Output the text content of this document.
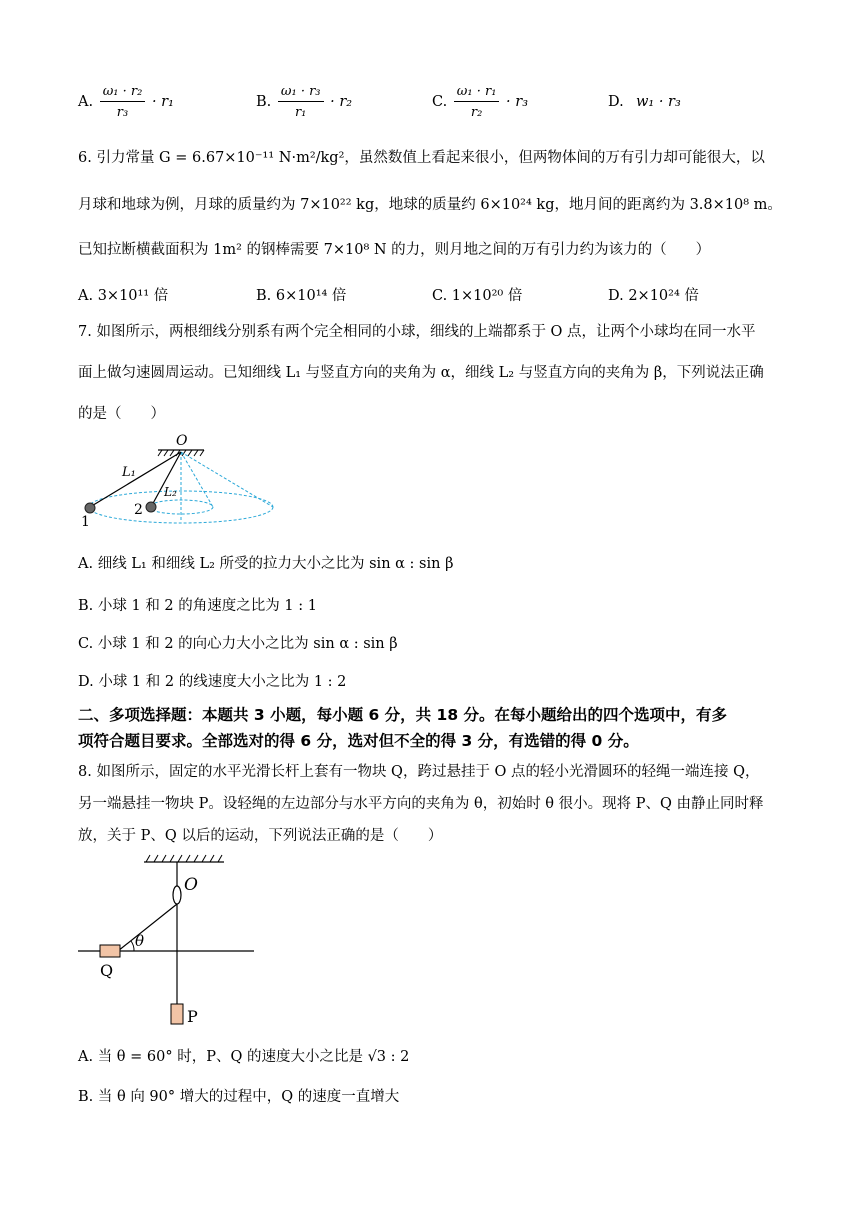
A. $\frac{\text{ω₁ · r₂}}{\text{r₃}} \cdot r_1$	B. $\frac{\text{ω₁ · r₃}}{\text{r₁}} \cdot r_2$	C. $\frac{\text{ω₁ · r₁}}{\text{r₂}} \cdot r_3$	D. w₁ · r₃
6. 引力常量 G = 6.67×10⁻¹¹ N·m²/kg²，虽然数值上看起来很小，但两物体间的万有引力却可能很大，以
月球和地球为例，月球的质量约为 7×10²² kg，地球的质量约 6×10²⁴ kg，地月间的距离约为 3.8×10⁸ m。
已知拉断横截面积为 1m² 的钢棒需要 7×10⁸ N 的力，则月地之间的万有引力约为该力的（　　）
A. 3×10¹¹ 倍	B. 6×10¹⁴ 倍	C. 1×10²⁰ 倍	D. 2×10²⁴ 倍
7. 如图所示，两根细线分别系有两个完全相同的小球，细线的上端都系于 O 点，让两个小球均在同一水平
面上做匀速圆周运动。已知细线 L₁ 与竖直方向的夹角为 α，细线 L₂ 与竖直方向的夹角为 β，下列说法正确
的是（　　）
O
L₁
L₂
1
2
A. 细线 L₁ 和细线 L₂ 所受的拉力大小之比为 sin α : sin β
B. 小球 1 和 2 的角速度之比为 1 : 1
C. 小球 1 和 2 的向心力大小之比为 sin α : sin β
D. 小球 1 和 2 的线速度大小之比为 1 : 2
二、多项选择题：本题共 3 小题，每小题 6 分，共 18 分。在每小题给出的四个选项中，有多
项符合题目要求。全部选对的得 6 分，选对但不全的得 3 分，有选错的得 0 分。
8. 如图所示，固定的水平光滑长杆上套有一物块 Q，跨过悬挂于 O 点的轻小光滑圆环的轻绳一端连接 Q，
另一端悬挂一物块 P。设轻绳的左边部分与水平方向的夹角为 θ，初始时 θ 很小。现将 P、Q 由静止同时释
放，关于 P、Q 以后的运动，下列说法正确的是（　　）
O
θ
Q
P
A. 当 θ = 60° 时，P、Q 的速度大小之比是 √3 : 2
B. 当 θ 向 90° 增大的过程中，Q 的速度一直增大
